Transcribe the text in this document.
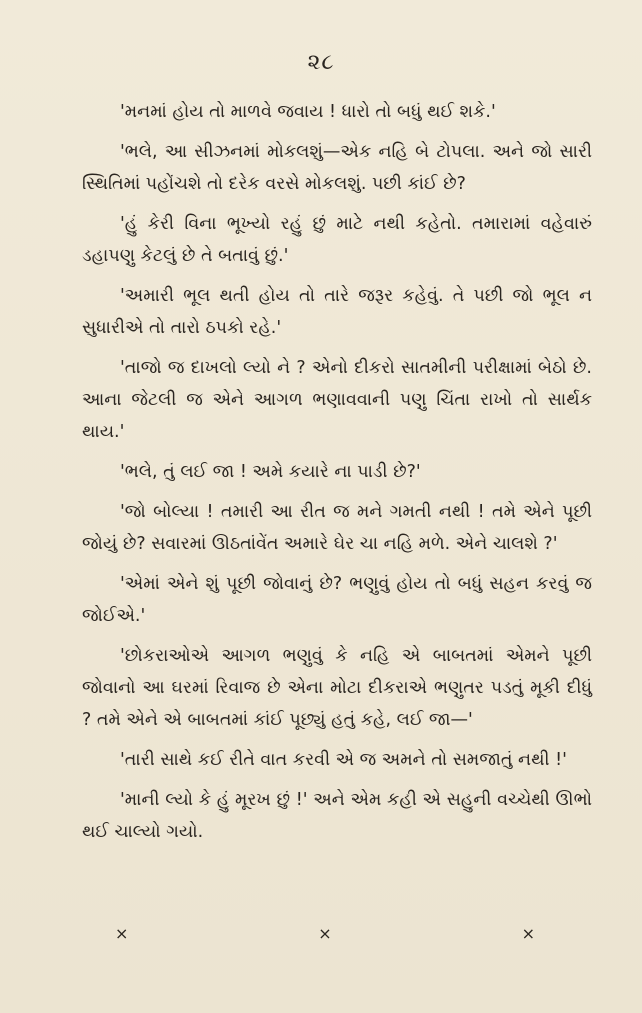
૨૮

'મનમાં હોય તો માળવે જવાય ! ધારો તો બધું થઈ શકે.'

'ભલે, આ સીઝનમાં મોકલશું—એક નહિ બે ટોપલા. અને જો સારી સ્થિતિમાં પહોંચશે તો દરેક વરસે મોકલશું. પછી કાંઈ છે?

'હું કેરી વિના ભૂખ્યો રહું છું માટે નથી કહેતો. તમારામાં વહેવારું ડહાપણુ કેટલું છે તે બતાવું છું.'

'અમારી ભૂલ થતી હોય તો તારે જરૂર કહેવું. તે પછી જો ભૂલ ન સુધારીએ તો તારો ઠપકો રહે.'

'તાજો જ દાખલો લ્યો ને ? એનો દીકરો સાતમીની પરીક્ષામાં બેઠો છે. આના જેટલી જ એને આગળ ભણાવવાની પણુ ચિંતા રાખો તો સાર્થક થાય.'

'ભલે, તું લઈ જા ! અમે કયારે ના પાડી છે?'

'જો બોલ્યા ! તમારી આ રીત જ મને ગમતી નથી ! તમે એને પૂછી જોયું છે? સવારમાં ઊઠતાંવેંત અમારે ઘેર ચા નહિ મળે. એને ચાલશે ?'

'એમાં એને શું પૂછી જોવાનું છે? ભણુવું હોય તો બધું સહન કરવું જ જોઈએ.'

'છોકરાઓએ આગળ ભણુવું કે નહિ એ બાબતમાં એમને પૂછી જોવાનો આ ઘરમાં રિવાજ છે એના મોટા દીકરાએ ભણુતર પડતું મૂકી દીધું ? તમે એને એ બાબતમાં કાંઈ પૂછ્યું હતું કહે, લઈ જા—'

'તારી સાથે કઈ રીતે વાત કરવી એ જ અમને તો સમજાતું નથી !'

'માની લ્યો કે હું મૂરખ છું !' અને એમ કહી એ સહુની વચ્ચેથી ઊભો થઈ ચાલ્યો ગયો.

×	×	×
